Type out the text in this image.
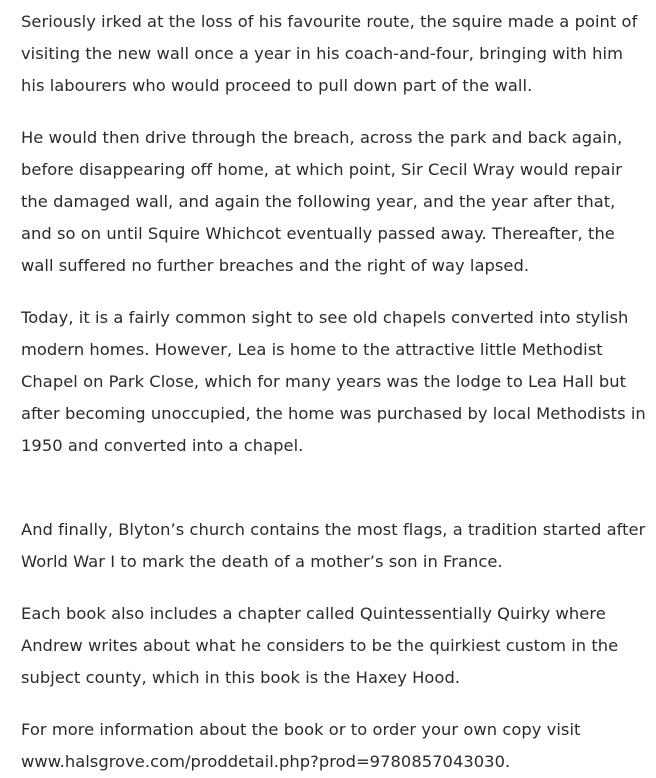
Seriously irked at the loss of his favourite route, the squire made a point of visiting the new wall once a year in his coach-and-four, bringing with him his labourers who would proceed to pull down part of the wall.

He would then drive through the breach, across the park and back again, before disappearing off home, at which point, Sir Cecil Wray would repair the damaged wall, and again the following year, and the year after that, and so on until Squire Whichcot eventually passed away. Thereafter, the wall suffered no further breaches and the right of way lapsed.

Today, it is a fairly common sight to see old chapels converted into stylish modern homes. However, Lea is home to the attractive little Methodist Chapel on Park Close, which for many years was the lodge to Lea Hall but after becoming unoccupied, the home was purchased by local Methodists in 1950 and converted into a chapel.

And finally, Blyton’s church contains the most flags, a tradition started after World War I to mark the death of a mother’s son in France.

Each book also includes a chapter called Quintessentially Quirky where Andrew writes about what he considers to be the quirkiest custom in the subject county, which in this book is the Haxey Hood.

For more information about the book or to order your own copy visit www.halsgrove.com/proddetail.php?prod=9780857043030.
